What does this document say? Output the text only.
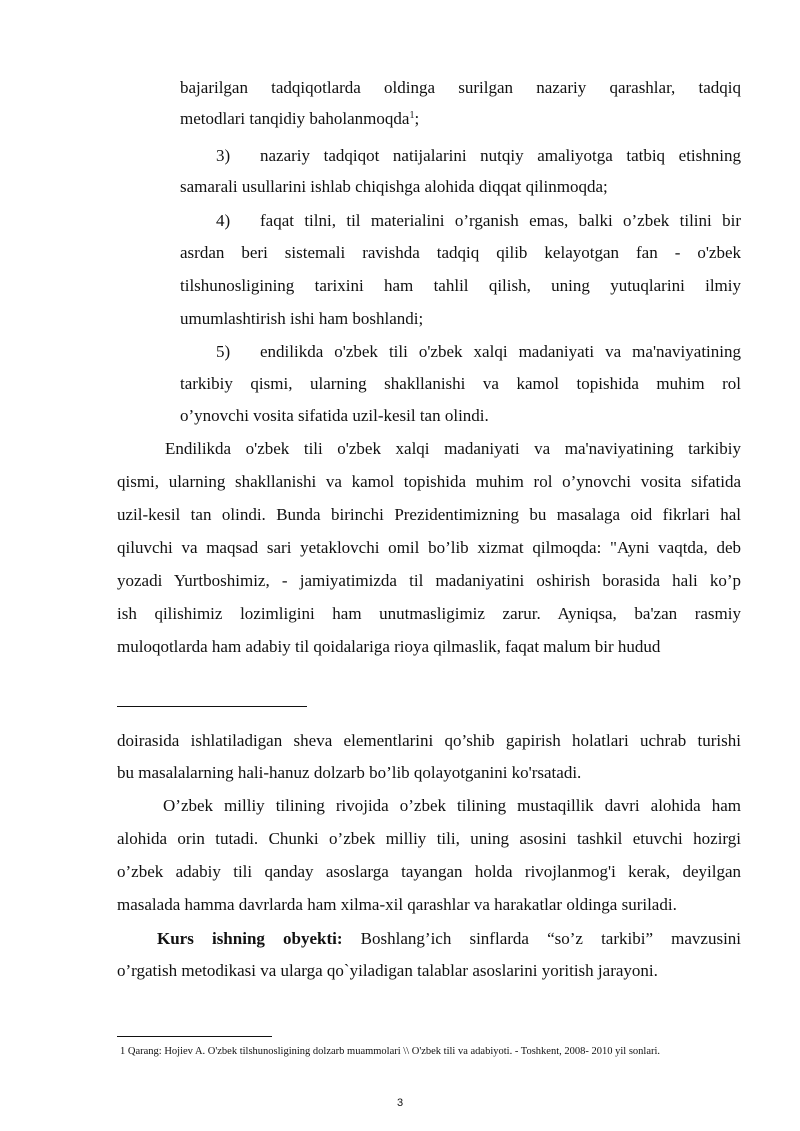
bajarilgan tadqiqotlarda oldinga surilgan nazariy qarashlar, tadqiq
metodlari tanqidiy baholanmoqda$^1$;
3) nazariy tadqiqot natijalarini nutqiy amaliyotga tatbiq etishning
samarali usullarini ishlab chiqishga alohida diqqat qilinmoqda;
4) faqat tilni, til materialini o’rganish emas, balki o’zbek tilini bir
asrdan beri sistemali ravishda tadqiq qilib kelayotgan fan - o'zbek
tilshunosligining tarixini ham tahlil qilish, uning yutuqlarini ilmiy
umumlashtirish ishi ham boshlandi;
5) endilikda o'zbek tili o'zbek xalqi madaniyati va ma'naviyatining
tarkibiy qismi, ularning shakllanishi va kamol topishida muhim rol
o’ynovchi vosita sifatida uzil-kesil tan olindi.
Endilikda o'zbek tili o'zbek xalqi madaniyati va ma'naviyatining tarkibiy
qismi, ularning shakllanishi va kamol topishida muhim rol o’ynovchi vosita sifatida
uzil-kesil tan olindi. Bunda birinchi Prezidentimizning bu masalaga oid fikrlari hal
qiluvchi va maqsad sari yetaklovchi omil bo’lib xizmat qilmoqda: "Ayni vaqtda, deb
yozadi Yurtboshimiz, - jamiyatimizda til madaniyatini oshirish borasida hali ko’p
ish qilishimiz lozimligini ham unutmasligimiz zarur. Ayniqsa, ba'zan rasmiy
muloqotlarda ham adabiy til qoidalariga rioya qilmaslik, faqat malum bir hudud
doirasida ishlatiladigan sheva elementlarini qo’shib gapirish holatlari uchrab turishi
bu masalalarning hali-hanuz dolzarb bo’lib qolayotganini ko'rsatadi.
O’zbek milliy tilining rivojida o’zbek tilining mustaqillik davri alohida ham
alohida orin tutadi. Chunki o’zbek milliy tili, uning asosini tashkil etuvchi hozirgi
o’zbek adabiy tili qanday asoslarga tayangan holda rivojlanmog'i kerak, deyilgan
masalada hamma davrlarda ham xilma-xil qarashlar va harakatlar oldinga suriladi.
Kurs ishning obyekti: Boshlang’ich sinflarda “so’z tarkibi” mavzusini
o’rgatish metodikasi va ularga qo`yiladigan talablar asoslarini yoritish jarayoni.
1 Qarang: Hojiev A. O'zbek tilshunosligining dolzarb muammolari \\ O'zbek tili va adabiyoti. - Toshkent, 2008- 2010 yil sonlari.
3
